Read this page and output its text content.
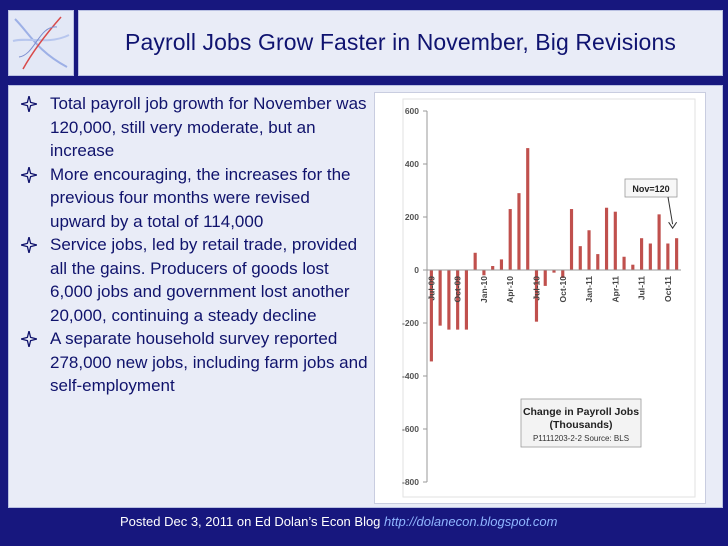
Payroll Jobs Grow Faster in November, Big Revisions
Total payroll job growth for November was 120,000, still very moderate, but an increase
More encouraging, the increases for the previous four months were revised upward by a total of 114,000
Service jobs, led by retail trade, provided all the gains. Producers of goods lost 6,000 jobs and government lost another 20,000, continuing a steady decline
A separate household survey reported 278,000 new jobs, including farm jobs and self-employment
600
400
200
0
-200
-400
-600
-800
Jul-09 Oct-09 Jan-10 Apr-10 Jul-10 Oct-10 Jan-11 Apr-11 Jul-11 Oct-11
Nov=120
Change in Payroll Jobs
(Thousands)
P1111203-2-2 Source: BLS
Posted Dec 3, 2011 on Ed Dolan’s Econ Blog http://dolanecon.blogspot.com
